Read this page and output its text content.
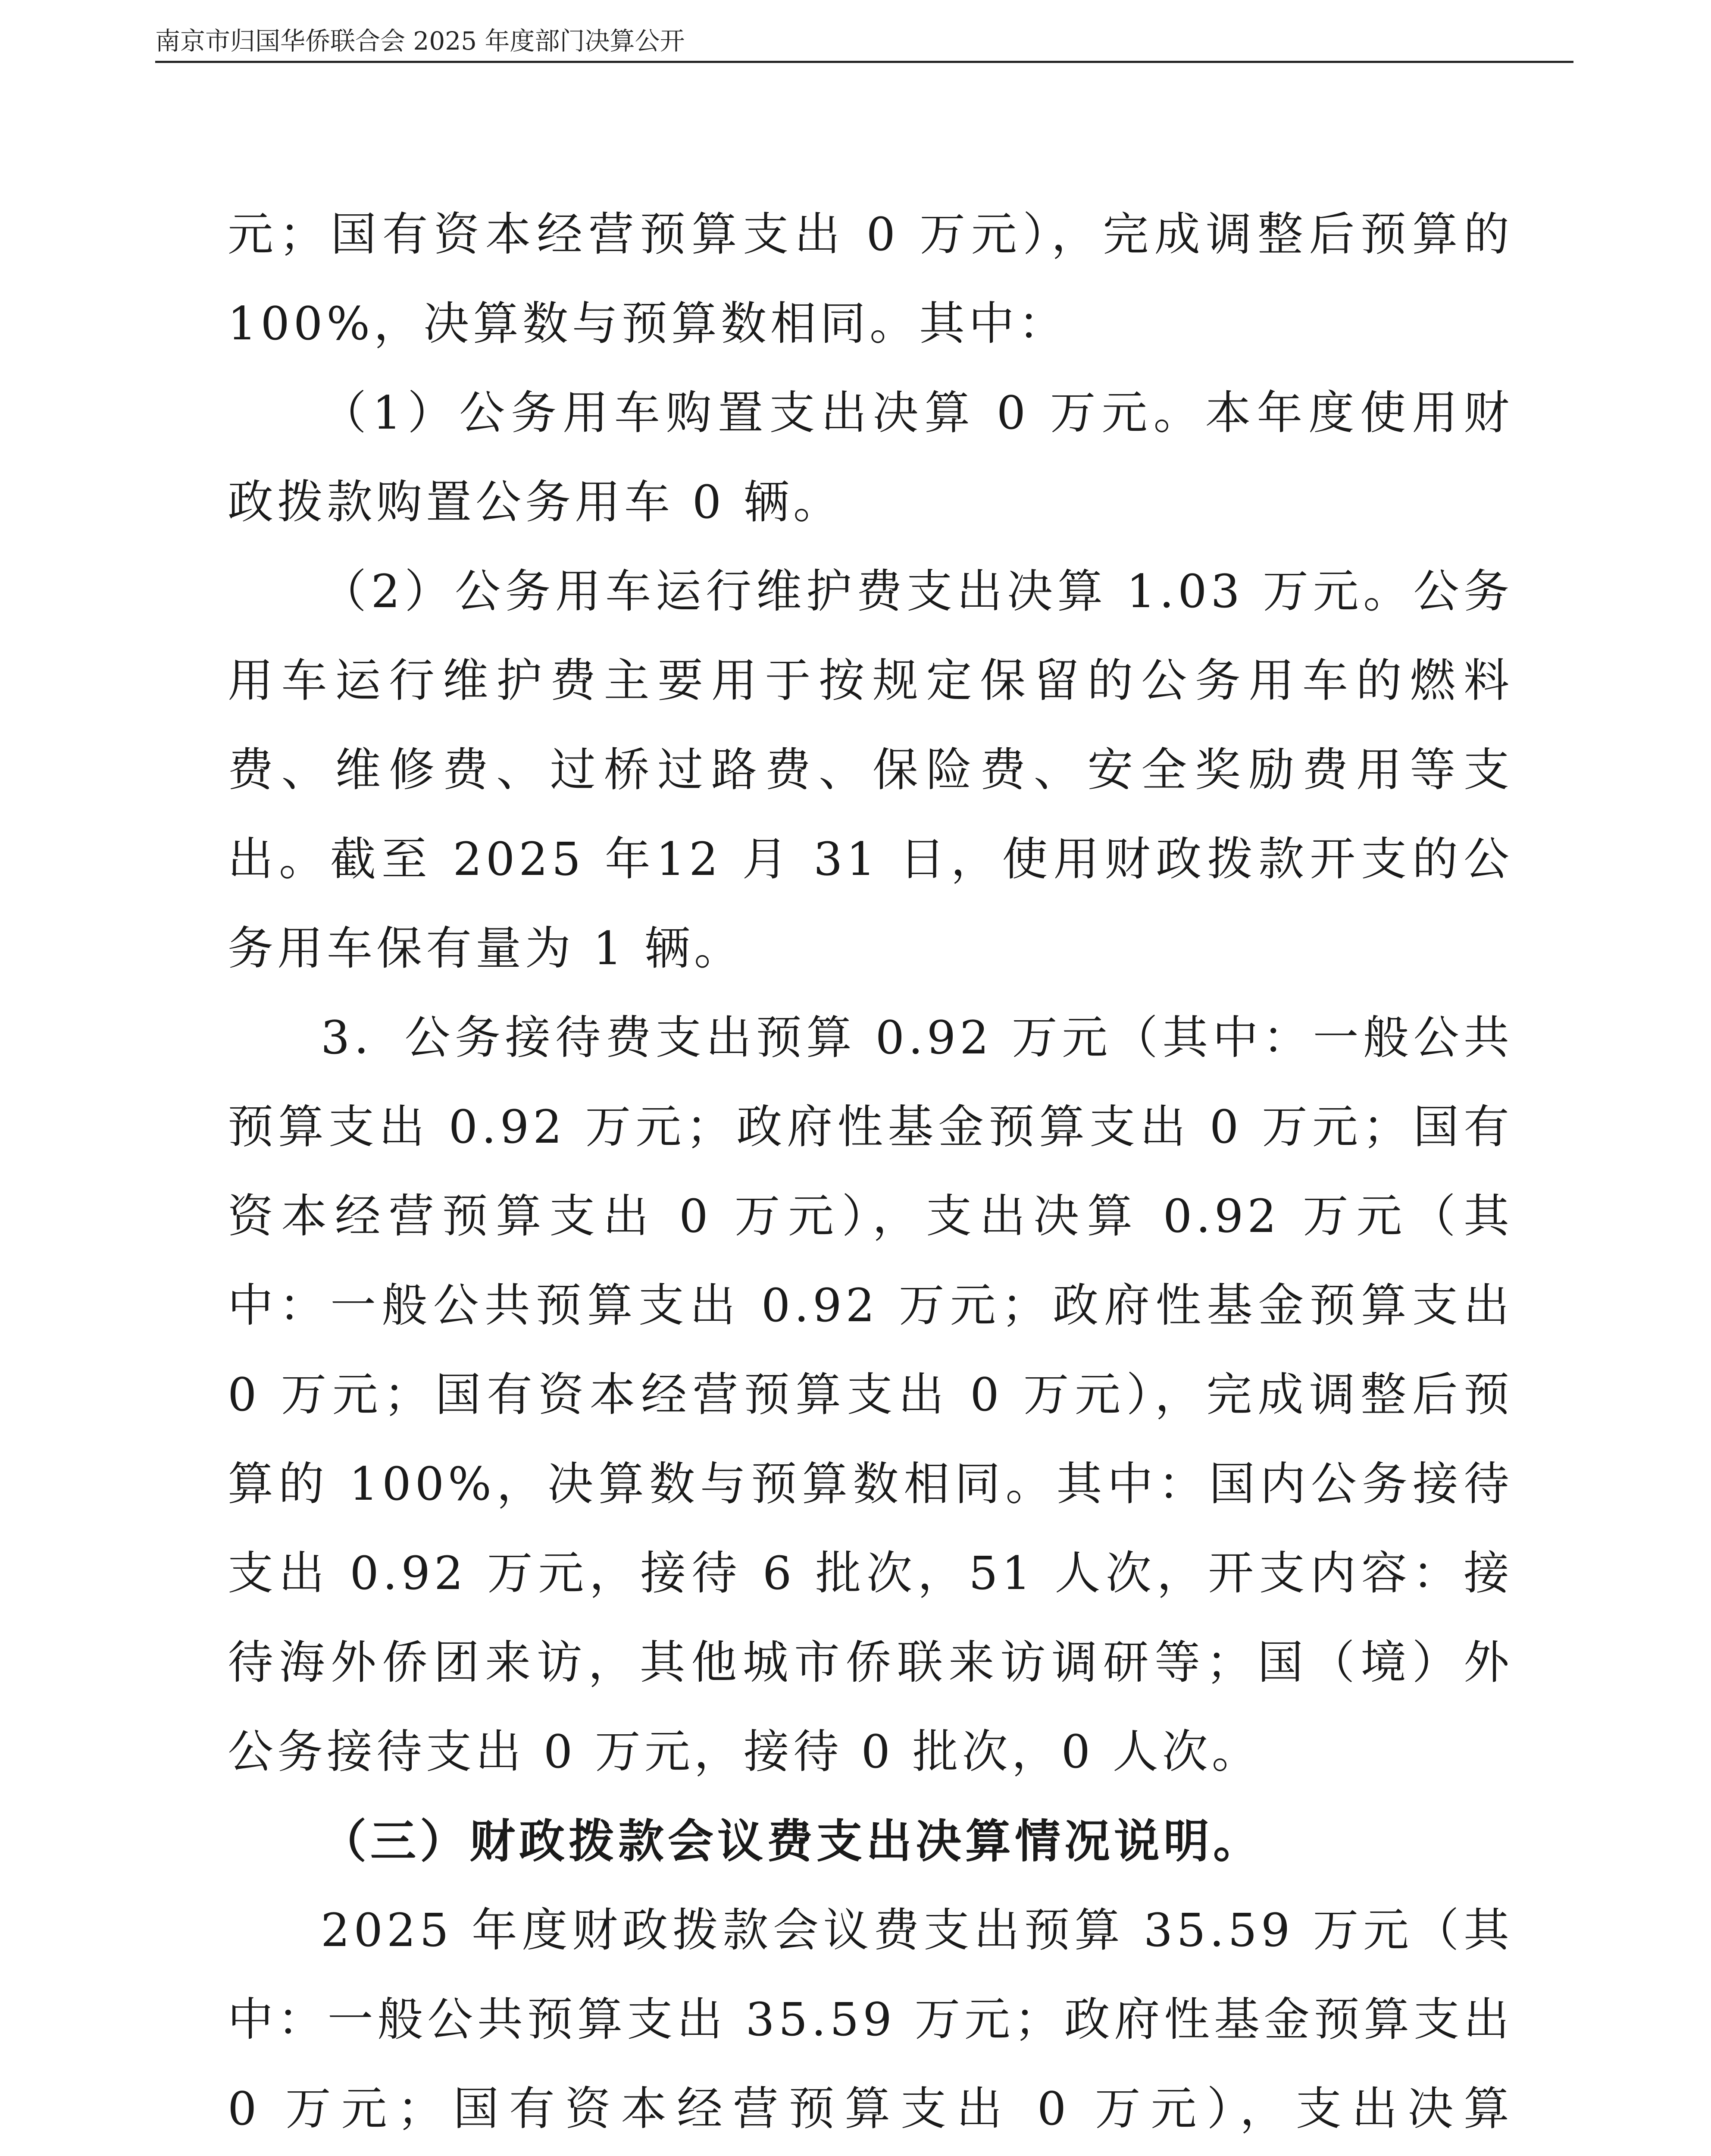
南京市归国华侨联合会 2025 年度部门决算公开

元；国有资本经营预算支出 0 万元），完成调整后预算的100%，决算数与预算数相同。其中：

（1）公务用车购置支出决算 0 万元。本年度使用财政拨款购置公务用车 0 辆。

（2）公务用车运行维护费支出决算 1.03 万元。公务用车运行维护费主要用于按规定保留的公务用车的燃料费、维修费、过桥过路费、保险费、安全奖励费用等支出。截至 2025 年12 月 31 日，使用财政拨款开支的公务用车保有量为 1 辆。

3．公务接待费支出预算 0.92 万元（其中：一般公共预算支出 0.92 万元；政府性基金预算支出 0 万元；国有资本经营预算支出 0 万元），支出决算 0.92 万元（其中：一般公共预算支出 0.92 万元；政府性基金预算支出 0 万元；国有资本经营预算支出 0 万元），完成调整后预算的 100%，决算数与预算数相同。其中：国内公务接待支出 0.92 万元，接待 6 批次，51 人次，开支内容：接待海外侨团来访，其他城市侨联来访调研等；国（境）外公务接待支出 0 万元，接待 0 批次，0 人次。

（三）财政拨款会议费支出决算情况说明。

2025 年度财政拨款会议费支出预算 35.59 万元（其中：一般公共预算支出 35.59 万元；政府性基金预算支出 0 万元；国有资本经营预算支出 0 万元），支出决算
